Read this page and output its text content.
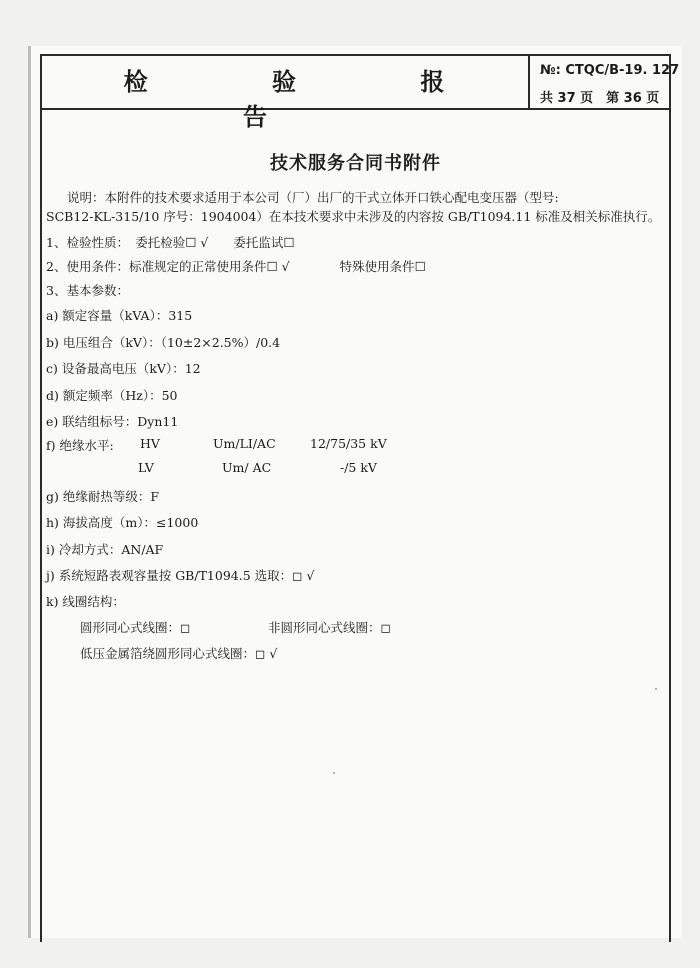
检 验 报 告
№: CTQC/B-19. 127
共 37 页　第 36 页
技术服务合同书附件
说明：本附件的技术要求适用于本公司（厂）出厂的干式立体开口铁心配电变压器（型号:
SCB12-KL-315/10 序号：1904004）在本技术要求中未涉及的内容按 GB/T1094.11 标准及相关标准执行。
1、检验性质：　委托检验☐ √　　委托监试☐
2、使用条件：标准规定的正常使用条件☐ √　　　　特殊使用条件☐
3、基本参数：
a) 额定容量（kVA）：315
b) 电压组合（kV）：（10±2×2.5%）/0.4
c) 设备最高电压（kV）：12
d) 额定频率（Hz）：50
e) 联结组标号：Dyn11
f) 绝缘水平: HV	Um/LI/AC	12/75/35 kV
LV	Um/ AC	-/5 kV
g) 绝缘耐热等级：F
h) 海拔高度（m）：≤1000
i) 冷却方式：AN/AF
j) 系统短路表观容量按 GB/T1094.5 选取：◻ √
k) 线圈结构：
圆形同心式线圈：◻	非圆形同心式线圈：◻
低压金属箔绕圆形同心式线圈：◻ √
